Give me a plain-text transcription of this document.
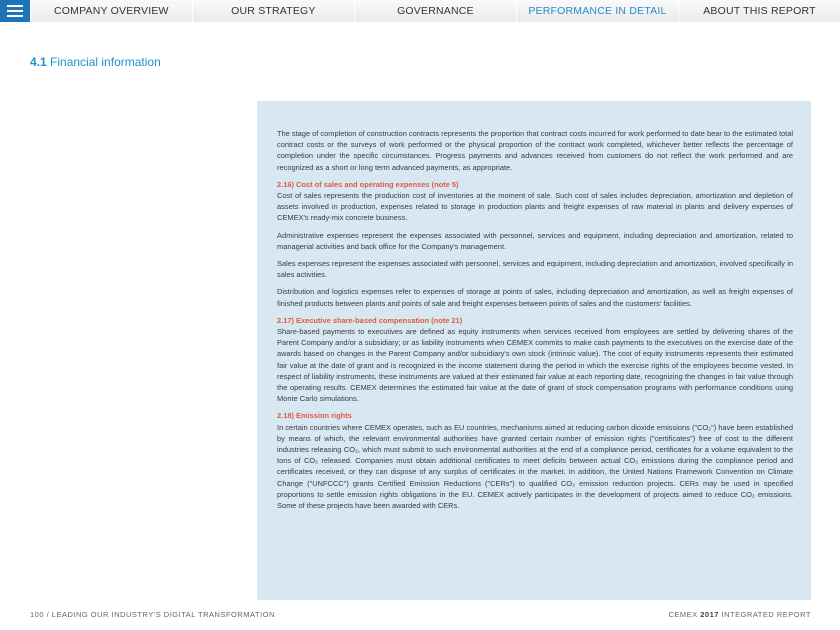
COMPANY OVERVIEW	OUR STRATEGY	GOVERNANCE	PERFORMANCE IN DETAIL	ABOUT THIS REPORT
4.1 Financial information

The stage of completion of construction contracts represents the proportion that contract costs incurred for work performed to date bear to the estimated total contract costs or the surveys of work performed or the physical proportion of the contract work completed, whichever better reflects the percentage of completion under the specific circumstances. Progress payments and advances received from customers do not reflect the work performed and are recognized as a short or long term advanced payments, as appropriate.

2.16) Cost of sales and operating expenses (note 5)

Cost of sales represents the production cost of inventories at the moment of sale. Such cost of sales includes depreciation, amortization and depletion of assets involved in production, expenses related to storage in production plants and freight expenses of raw material in plants and delivery expenses of CEMEX's ready-mix concrete business.

Administrative expenses represent the expenses associated with personnel, services and equipment, including depreciation and amortization, related to managerial activities and back office for the Company's management.

Sales expenses represent the expenses associated with personnel, services and equipment, including depreciation and amortization, involved specifically in sales activities.

Distribution and logistics expenses refer to expenses of storage at points of sales, including depreciation and amortization, as well as freight expenses of finished products between plants and points of sale and freight expenses between points of sales and the customers' facilities.

2.17) Executive share-based compensation (note 21)

Share-based payments to executives are defined as equity instruments when services received from employees are settled by delivering shares of the Parent Company and/or a subsidiary; or as liability instruments when CEMEX commits to make cash payments to the executives on the exercise date of the awards based on changes in the Parent Company and/or subsidiary's own stock (intrinsic value). The cost of equity instruments represents their estimated fair value at the date of grant and is recognized in the income statement during the period in which the exercise rights of the employees become vested. In respect of liability instruments, these instruments are valued at their estimated fair value at each reporting date, recognizing the changes in fair value through the operating results. CEMEX determines the estimated fair value at the date of grant of stock compensation programs with performance conditions using Monte Carlo simulations.

2.18) Emission rights

In certain countries where CEMEX operates, such as EU countries, mechanisms aimed at reducing carbon dioxide emissions ("CO₂") have been established by means of which, the relevant environmental authorities have granted certain number of emission rights ("certificates") free of cost to the different industries releasing CO₂, which must submit to such environmental authorities at the end of a compliance period, certificates for a volume equivalent to the tons of CO₂ released. Companies must obtain additional certificates to meet deficits between actual CO₂ emissions during the compliance period and certificates received, or they can dispose of any surplus of certificates in the market. In addition, the United Nations Framework Convention on Climate Change ("UNFCCC") grants Certified Emission Reductions ("CERs") to qualified CO₂ emission reduction projects. CERs may be used in specified proportions to settle emission rights obligations in the EU. CEMEX actively participates in the development of projects aimed to reduce CO₂ emissions. Some of these projects have been awarded with CERs.

100 / LEADING OUR INDUSTRY'S DIGITAL TRANSFORMATION	CEMEX 2017 INTEGRATED REPORT
